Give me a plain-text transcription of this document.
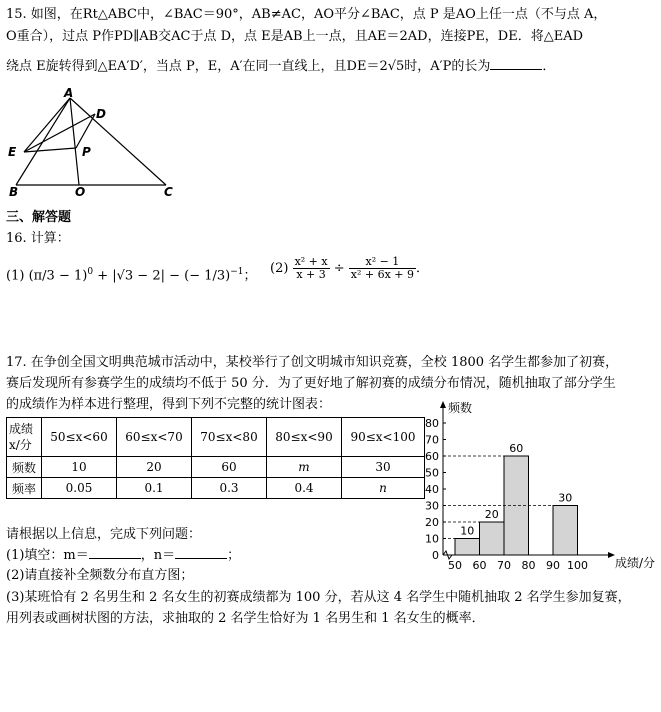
15. 如图，在Rt△ABC中，∠BAC＝90°，AB≠AC，AO平分∠BAC，点 P 是AO上任一点（不与点 A，
O重合），过点 P作PD∥AB交AC于点 D，点 E是AB上一点，且AE＝2AD，连接PE，DE．将△EAD
绕点 E旋转得到△EA′D′，当点 P，E，A′在同一直线上，且DE＝2√5时，A′P的长为	．
A
D
E	P
B	O	C
三、解答题
16. 计算：
(1) $(\pi/3 - 1)^0 + |√3 - 2|$ − (− 1/3)$^{-1}$； $(2) \frac{\text{x² + x}}{x + 3} \div \frac{\text{x² − 1}}{\text{x² + 6x + 9}}$ ．
17. 在争创全国文明典范城市活动中，某校举行了创文明城市知识竞赛，全校 1800 名学生都参加了初赛，
赛后发现所有参赛学生的成绩均不低于 50 分．为了更好地了解初赛的成绩分布情况，随机抽取了部分学生
的成绩作为样本进行整理，得到下列不完整的统计图表：
成绩
x/分	50≤x<60	60≤x<70	70≤x<80	80≤x<90	90≤x<100
频数	10	20	60	m	30
频率	0.05	0.1	0.3	0.4	n
0
10
20
30
40
50
60
70
80
频数
成绩/分
50 60 70 80 90 100
10
20
60
30
请根据以上信息，完成下列问题：
(1)填空：m＝	，n＝	；
(2)请直接补全频数分布直方图；
(3)某班恰有 2 名男生和 2 名女生的初赛成绩都为 100 分，若从这 4 名学生中随机抽取 2 名学生参加复赛，
用列表或画树状图的方法，求抽取的 2 名学生恰好为 1 名男生和 1 名女生的概率．
